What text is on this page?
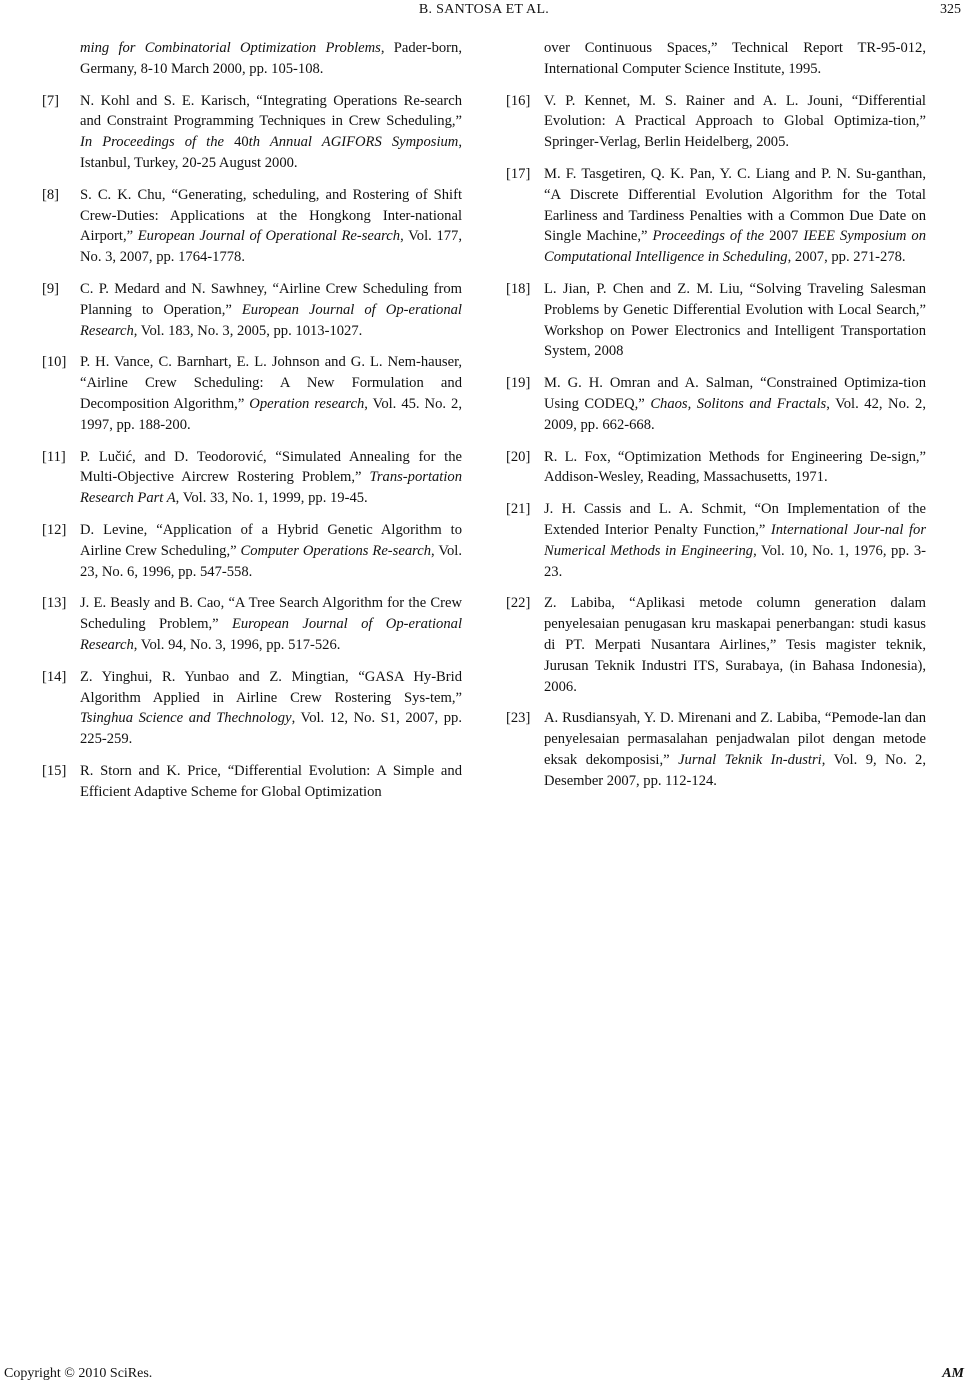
B. SANTOSA ET AL.	325
ming for Combinatorial Optimization Problems, Pader-born, Germany, 8-10 March 2000, pp. 105-108.
[7] N. Kohl and S. E. Karisch, “Integrating Operations Re-search and Constraint Programming Techniques in Crew Scheduling,” In Proceedings of the 40th Annual AGIFORS Symposium, Istanbul, Turkey, 20-25 August 2000.
[8] S. C. K. Chu, “Generating, scheduling, and Rostering of Shift Crew-Duties: Applications at the Hongkong Inter-national Airport,” European Journal of Operational Re-search, Vol. 177, No. 3, 2007, pp. 1764-1778.
[9] C. P. Medard and N. Sawhney, “Airline Crew Scheduling from Planning to Operation,” European Journal of Op-erational Research, Vol. 183, No. 3, 2005, pp. 1013-1027.
[10] P. H. Vance, C. Barnhart, E. L. Johnson and G. L. Nem-hauser, “Airline Crew Scheduling: A New Formulation and Decomposition Algorithm,” Operation research, Vol. 45. No. 2, 1997, pp. 188-200.
[11] P. Lučić, and D. Teodorović, “Simulated Annealing for the Multi-Objective Aircrew Rostering Problem,” Trans-portation Research Part A, Vol. 33, No. 1, 1999, pp. 19-45.
[12] D. Levine, “Application of a Hybrid Genetic Algorithm to Airline Crew Scheduling,” Computer Operations Re-search, Vol. 23, No. 6, 1996, pp. 547-558.
[13] J. E. Beasly and B. Cao, “A Tree Search Algorithm for the Crew Scheduling Problem,” European Journal of Op-erational Research, Vol. 94, No. 3, 1996, pp. 517-526.
[14] Z. Yinghui, R. Yunbao and Z. Mingtian, “GASA Hy-Brid Algorithm Applied in Airline Crew Rostering Sys-tem,” Tsinghua Science and Thechnology, Vol. 12, No. S1, 2007, pp. 225-259.
[15] R. Storn and K. Price, “Differential Evolution: A Simple and Efficient Adaptive Scheme for Global Optimization
over Continuous Spaces,” Technical Report TR-95-012, International Computer Science Institute, 1995.
[16] V. P. Kennet, M. S. Rainer and A. L. Jouni, “Differential Evolution: A Practical Approach to Global Optimiza-tion,” Springer-Verlag, Berlin Heidelberg, 2005.
[17] M. F. Tasgetiren, Q. K. Pan, Y. C. Liang and P. N. Su-ganthan, “A Discrete Differential Evolution Algorithm for the Total Earliness and Tardiness Penalties with a Common Due Date on Single Machine,” Proceedings of the 2007 IEEE Symposium on Computational Intelligence in Scheduling, 2007, pp. 271-278.
[18] L. Jian, P. Chen and Z. M. Liu, “Solving Traveling Salesman Problems by Genetic Differential Evolution with Local Search,” Workshop on Power Electronics and Intelligent Transportation System, 2008
[19] M. G. H. Omran and A. Salman, “Constrained Optimiza-tion Using CODEQ,” Chaos, Solitons and Fractals, Vol. 42, No. 2, 2009, pp. 662-668.
[20] R. L. Fox, “Optimization Methods for Engineering De-sign,” Addison-Wesley, Reading, Massachusetts, 1971.
[21] J. H. Cassis and L. A. Schmit, “On Implementation of the Extended Interior Penalty Function,” International Jour-nal for Numerical Methods in Engineering, Vol. 10, No. 1, 1976, pp. 3-23.
[22] Z. Labiba, “Aplikasi metode column generation dalam penyelesaian penugasan kru maskapai penerbangan: studi kasus di PT. Merpati Nusantara Airlines,” Tesis magister teknik, Jurusan Teknik Industri ITS, Surabaya, (in Bahasa Indonesia), 2006.
[23] A. Rusdiansyah, Y. D. Mirenani and Z. Labiba, “Pemode-lan dan penyelesaian permasalahan penjadwalan pilot dengan metode eksak dekomposisi,” Jurnal Teknik In-dustri, Vol. 9, No. 2, Desember 2007, pp. 112-124.
Copyright © 2010 SciRes.	AM
